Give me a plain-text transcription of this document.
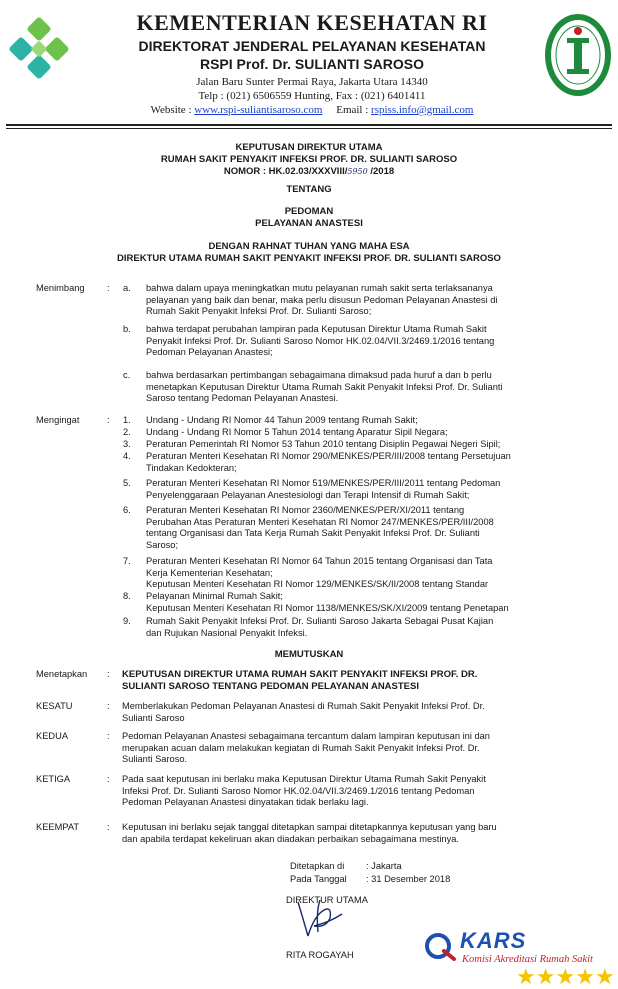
KEMENTERIAN KESEHATAN RI
DIREKTORAT JENDERAL PELAYANAN KESEHATAN
RSPI Prof. Dr. SULIANTI SAROSO
Jalan Baru Sunter Permai Raya, Jakarta Utara 14340
Telp : (021) 6506559 Hunting, Fax : (021) 6401411
Website : www.rspi-suliantisaroso.com Email : rspiss.info@gmail.com
KEPUTUSAN DIREKTUR UTAMA
RUMAH SAKIT PENYAKIT INFEKSI PROF. DR. SULIANTI SAROSO
NOMOR : HK.02.03/XXXVIII/5950 /2018
TENTANG
PEDOMAN
PELAYANAN ANASTESI
DENGAN RAHNAT TUHAN YANG MAHA ESA
DIREKTUR UTAMA RUMAH SAKIT PENYAKIT INFEKSI PROF. DR. SULIANTI SAROSO
Menimbang : a. bahwa dalam upaya meningkatkan mutu pelayanan rumah sakit serta terlaksananya
pelayanan yang baik dan benar, maka perlu disusun Pedoman Pelayanan Anastesi di
Rumah Sakit Penyakit Infeksi Prof. Dr. Sulianti Saroso;
b. bahwa terdapat perubahan lampiran pada Keputusan Direktur Utama Rumah Sakit
Penyakit Infeksi Prof. Dr. Sulianti Saroso Nomor HK.02.04/VII.3/2469.1/2016 tentang
Pedoman Pelayanan Anastesi;
c. bahwa berdasarkan pertimbangan sebagaimana dimaksud pada huruf a dan b perlu
menetapkan Keputusan Direktur Utama Rumah Sakit Penyakit Infeksi Prof. Dr. Sulianti
Saroso tentang Pedoman Pelayanan Anastesi.
Mengingat	: 1. Undang - Undang RI Nomor 44 Tahun 2009 tentang Rumah Sakit;
2. Undang - Undang RI Nomor 5 Tahun 2014 tentang Aparatur Sipil Negara;
3. Peraturan Pemerintah RI Nomor 53 Tahun 2010 tentang Disiplin Pegawai Negeri Sipil;
4. Peraturan Menteri Kesehatan RI Nomor 290/MENKES/PER/III/2008 tentang Persetujuan
Tindakan Kedokteran;
5. Peraturan Menteri Kesehatan RI Nomor 519/MENKES/PER/III/2011 tentang Pedoman
Penyelenggaraan Pelayanan Anestesiologi dan Terapi Intensif di Rumah Sakit;
6. Peraturan Menteri Kesehatan RI Nomor 2360/MENKES/PER/XI/2011 tentang
Perubahan Atas Peraturan Menteri Kesehatan RI Nomor 247/MENKES/PER/III/2008
tentang Organisasi dan Tata Kerja Rumah Sakit Penyakit Infeksi Prof. Dr. Sulianti
Saroso;
7. Peraturan Menteri Kesehatan RI Nomor 64 Tahun 2015 tentang Organisasi dan Tata
Kerja Kementerian Kesehatan;
Keputusan Menteri Kesehatan RI Nomor 129/MENKES/SK/II/2008 tentang Standar
8. Pelayanan Minimal Rumah Sakit;
Keputusan Menteri Kesehatan RI Nomor 1138/MENKES/SK/XI/2009 tentang Penetapan
9. Rumah Sakit Penyakit Infeksi Prof. Dr. Sulianti Saroso Jakarta Sebagai Pusat Kajian
dan Rujukan Nasional Penyakit Infeksi.
MEMUTUSKAN
Menetapkan : KEPUTUSAN DIREKTUR UTAMA RUMAH SAKIT PENYAKIT INFEKSI PROF. DR.
SULIANTI SAROSO TENTANG PEDOMAN PELAYANAN ANASTESI
KESATU	: Memberlakukan Pedoman Pelayanan Anastesi di Rumah Sakit Penyakit Infeksi Prof. Dr.
Sulianti Saroso
KEDUA	: Pedoman Pelayanan Anastesi sebagaimana tercantum dalam lampiran keputusan ini dan
merupakan acuan dalam melakukan kegiatan di Rumah Sakit Penyakit Infeksi Prof. Dr.
Sulianti Saroso.
KETIGA	: Pada saat keputusan ini berlaku maka Keputusan Direktur Utama Rumah Sakit Penyakit
Infeksi Prof. Dr. Sulianti Saroso Nomor HK.02.04/VII.3/2469.1/2016 tentang Pedoman
Pedoman Pelayanan Anastesi dinyatakan tidak berlaku lagi.
KEEMPAT	: Keputusan ini berlaku sejak tanggal ditetapkan sampai ditetapkannya keputusan yang baru
dan apabila terdapat kekeliruan akan diadakan perbaikan sebagaimana mestinya.
Ditetapkan di : Jakarta
Pada Tanggal : 31 Desember 2018
DIREKTUR UTAMA
RITA ROGAYAH
KARS
Komisi Akreditasi Rumah Sakit
★★★★★
